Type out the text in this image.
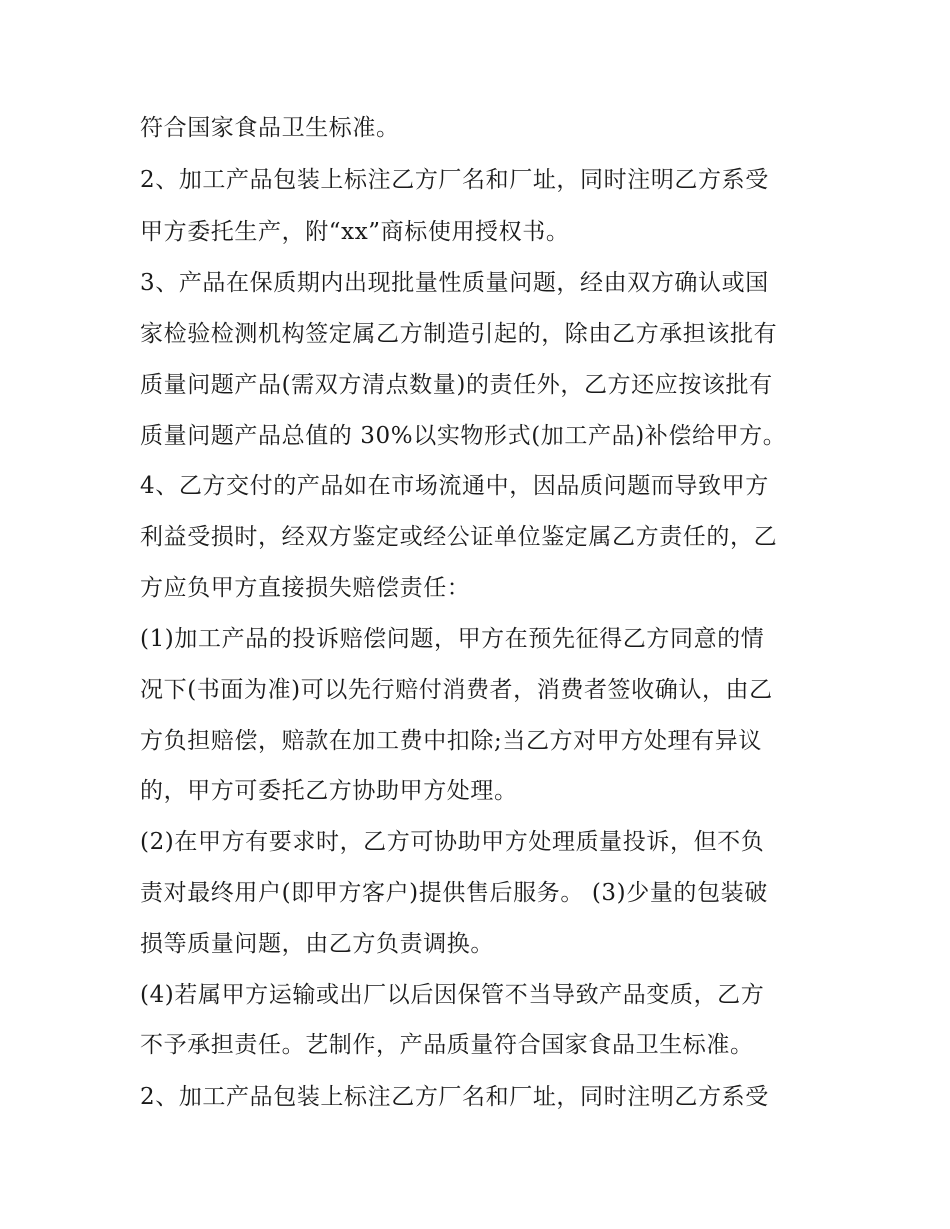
符合国家食品卫生标准。
2、加工产品包装上标注乙方厂名和厂址，同时注明乙方系受
甲方委托生产，附“xx”商标使用授权书。
3、产品在保质期内出现批量性质量问题，经由双方确认或国
家检验检测机构签定属乙方制造引起的，除由乙方承担该批有
质量问题产品(需双方清点数量)的责任外，乙方还应按该批有
质量问题产品总值的 30%以实物形式(加工产品)补偿给甲方。
4、乙方交付的产品如在市场流通中，因品质问题而导致甲方
利益受损时，经双方鉴定或经公证单位鉴定属乙方责任的，乙
方应负甲方直接损失赔偿责任：
(1)加工产品的投诉赔偿问题，甲方在预先征得乙方同意的情
况下(书面为准)可以先行赔付消费者，消费者签收确认，由乙
方负担赔偿，赔款在加工费中扣除;当乙方对甲方处理有异议
的，甲方可委托乙方协助甲方处理。
(2)在甲方有要求时，乙方可协助甲方处理质量投诉，但不负
责对最终用户(即甲方客户)提供售后服务。 (3)少量的包装破
损等质量问题，由乙方负责调换。
(4)若属甲方运输或出厂以后因保管不当导致产品变质，乙方
不予承担责任。艺制作，产品质量符合国家食品卫生标准。
2、加工产品包装上标注乙方厂名和厂址，同时注明乙方系受
